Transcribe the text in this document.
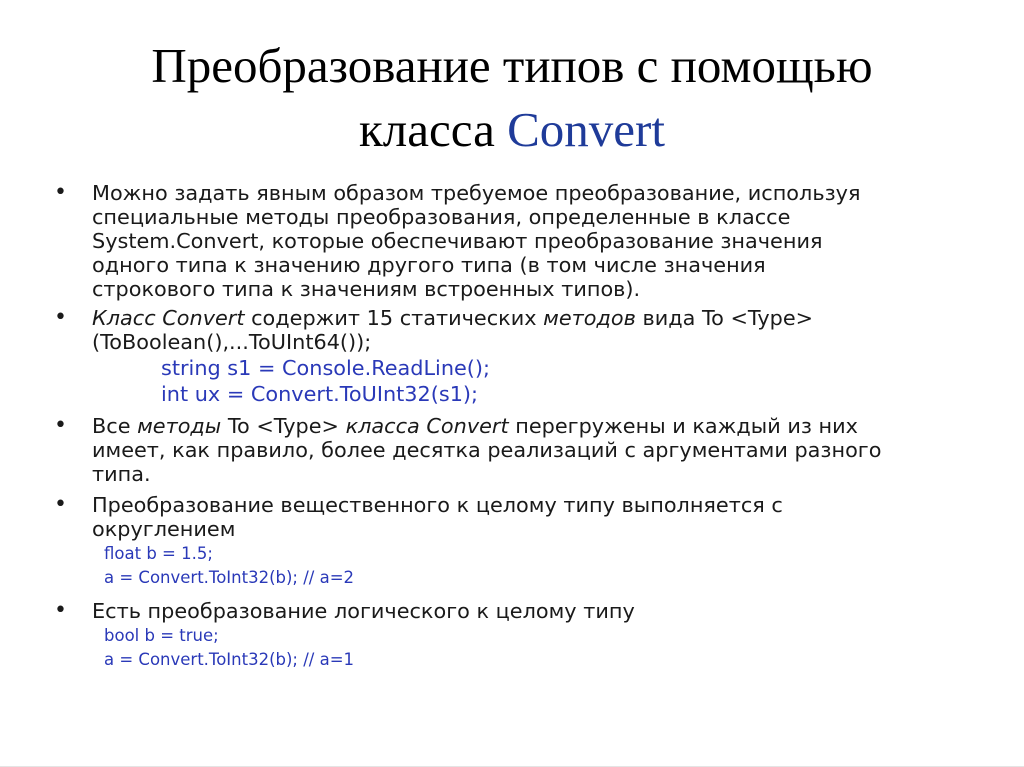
Преобразование типов с помощью
класса Convert
• Можно задать явным образом требуемое преобразование, используя
специальные методы преобразования, определенные в классе
System.Convert, которые обеспечивают преобразование значения
одного типа к значению другого типа (в том числе значения
строкового типа к значениям встроенных типов).
• Класс Convert содержит 15 статических методов вида To <Type>
(ToBoolean(),...ToUInt64());
string s1 = Console.ReadLine();
int ux = Convert.ToUInt32(s1);
• Все методы To <Type> класса Convert перегружены и каждый из них
имеет, как правило, более десятка реализаций с аргументами разного
типа.
• Преобразование вещественного к целому типу выполняется с
округлением
float b = 1.5;
a = Convert.ToInt32(b); // a=2
• Есть преобразование логического к целому типу
bool b = true;
a = Convert.ToInt32(b); // a=1
